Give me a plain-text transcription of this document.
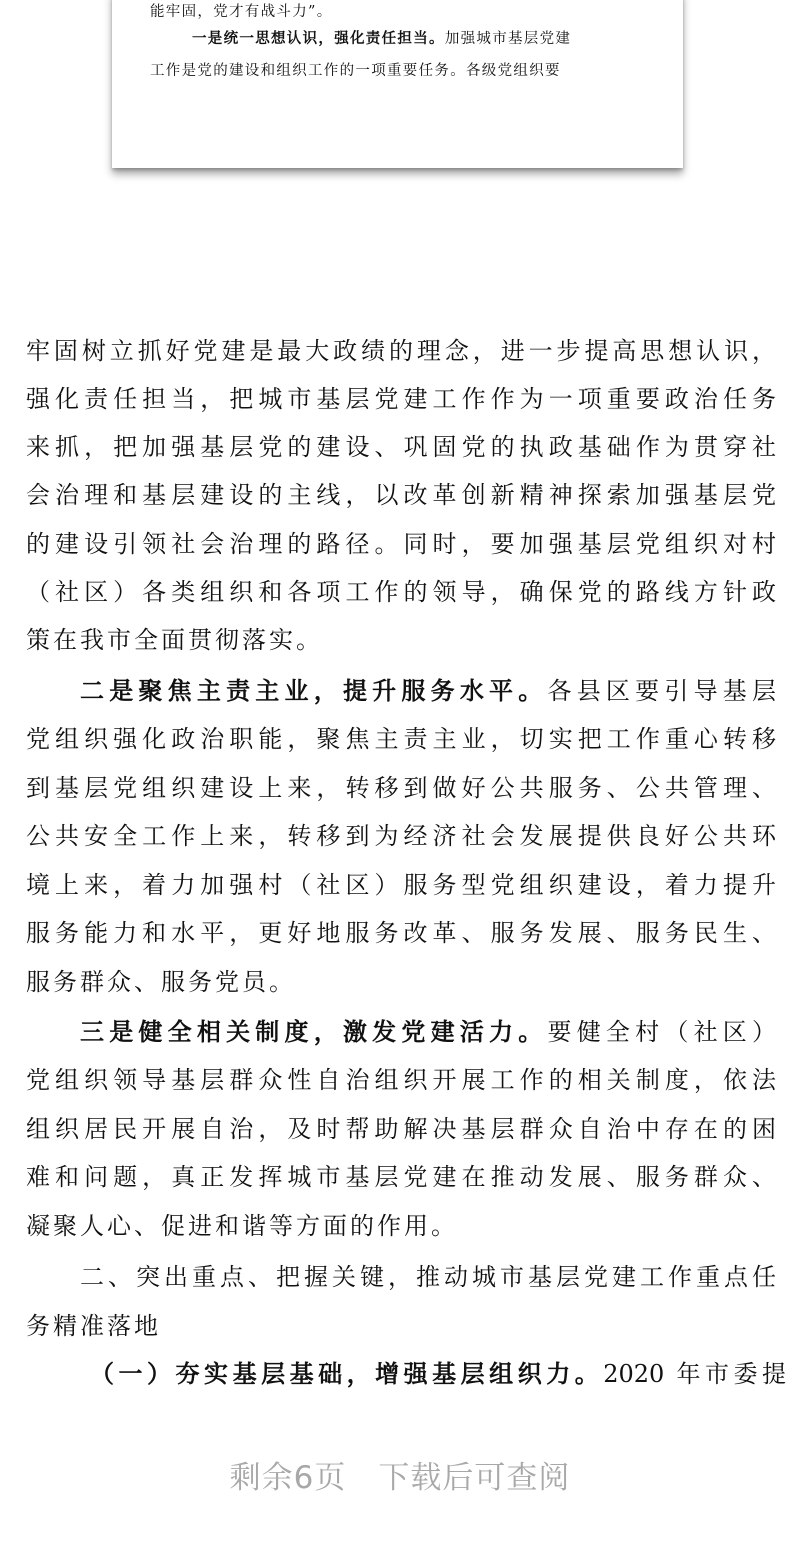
能牢固，党才有战斗力”。
一是统一思想认识，强化责任担当。加强城市基层党建
工作是党的建设和组织工作的一项重要任务。各级党组织要
牢固树立抓好党建是最大政绩的理念，进一步提高思想认识，
强化责任担当，把城市基层党建工作作为一项重要政治任务
来抓，把加强基层党的建设、巩固党的执政基础作为贯穿社
会治理和基层建设的主线，以改革创新精神探索加强基层党
的建设引领社会治理的路径。同时，要加强基层党组织对村
（社区）各类组织和各项工作的领导，确保党的路线方针政
策在我市全面贯彻落实。
二是聚焦主责主业，提升服务水平。各县区要引导基层
党组织强化政治职能，聚焦主责主业，切实把工作重心转移
到基层党组织建设上来，转移到做好公共服务、公共管理、
公共安全工作上来，转移到为经济社会发展提供良好公共环
境上来，着力加强村（社区）服务型党组织建设，着力提升
服务能力和水平，更好地服务改革、服务发展、服务民生、
服务群众、服务党员。
三是健全相关制度，激发党建活力。要健全村（社区）
党组织领导基层群众性自治组织开展工作的相关制度，依法
组织居民开展自治，及时帮助解决基层群众自治中存在的困
难和问题，真正发挥城市基层党建在推动发展、服务群众、
凝聚人心、促进和谐等方面的作用。
二、突出重点、把握关键，推动城市基层党建工作重点任
务精准落地
（一）夯实基层基础，增强基层组织力。2020 年市委提
剩余6页　下载后可查阅
